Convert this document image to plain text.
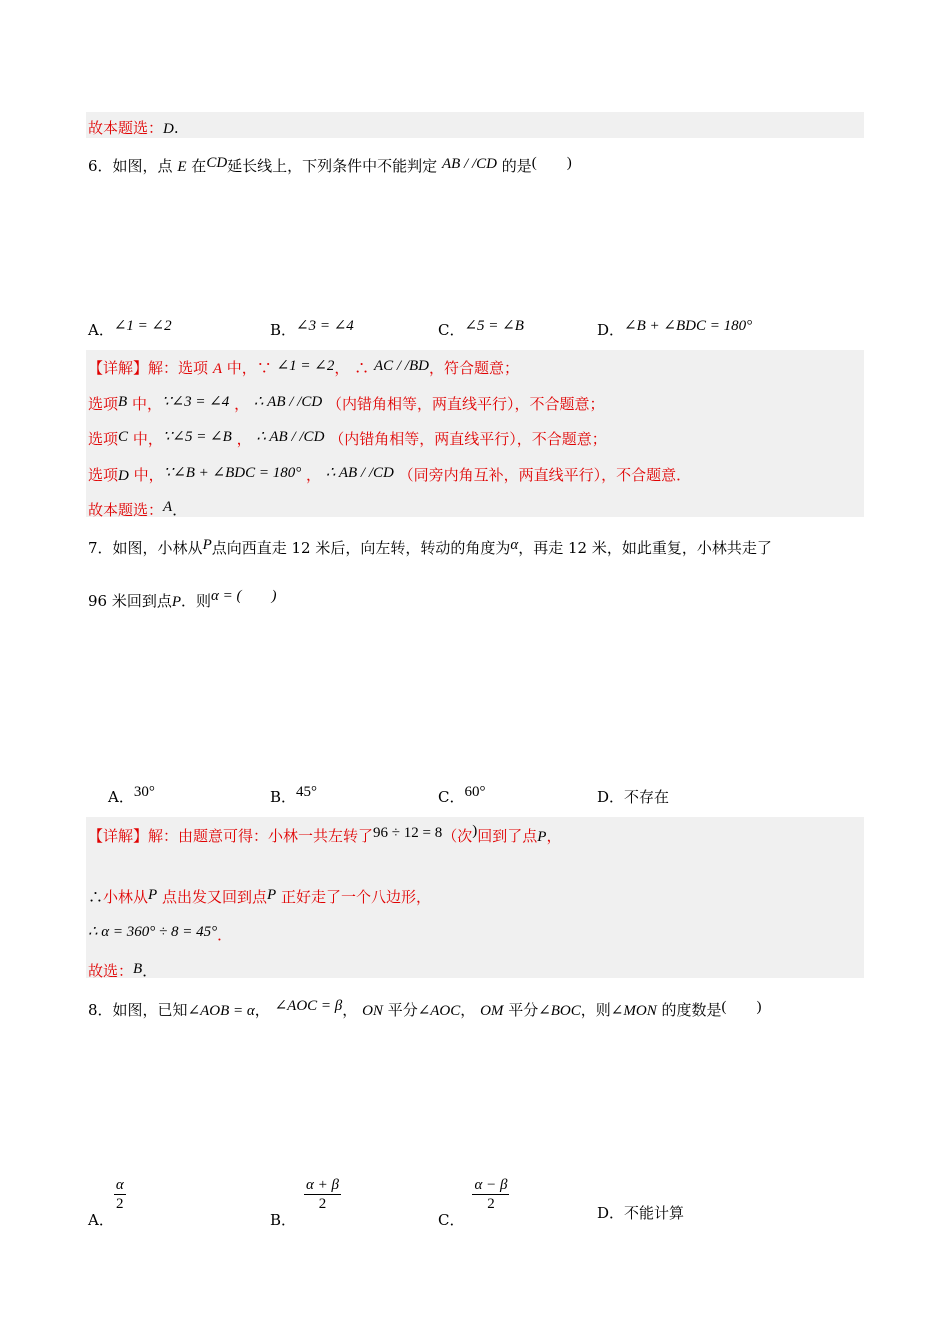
故本题选：D.
6．如图，点 E 在CD延长线上，下列条件中不能判定 AB / /CD 的是(        )
A．∠1 = ∠2	B．∠3 = ∠4	C．∠5 = ∠B	D．∠B + ∠BDC = 180°
【详解】解：选项 A 中，∵ ∠1 = ∠2， ∴ AC / /BD，符合题意；
选项B 中，∵∠3 = ∠4 ， ∴ AB / /CD （内错角相等，两直线平行），不合题意；
选项C 中，∵∠5 = ∠B ， ∴ AB / /CD （内错角相等，两直线平行），不合题意；
选项D 中，∵∠B + ∠BDC = 180° ， ∴ AB / /CD （同旁内角互补，两直线平行），不合题意．
故本题选：A．
7．如图，小林从P点向西直走 12 米后，向左转，转动的角度为α，再走 12 米，如此重复，小林共走了
96 米回到点P．则α = (        )
A．30°	B．45°	C．60°	D．不存在
【详解】解：由题意可得：小林一共左转了96 ÷ 12 = 8（次)回到了点P，
∴小林从P 点出发又回到点P 正好走了一个八边形，
∴ α = 360° ÷ 8 = 45°．
故选：B．
8．如图，已知∠AOB = α， ∠AOC = β， ON 平分∠AOC， OM 平分∠BOC，则∠MON 的度数是(        )
A．
$\frac{\alpha}{2}$
B．
$\frac{\alpha + \beta}{2}$
C．
$\frac{\alpha - \beta}{2}$	D．不能计算
